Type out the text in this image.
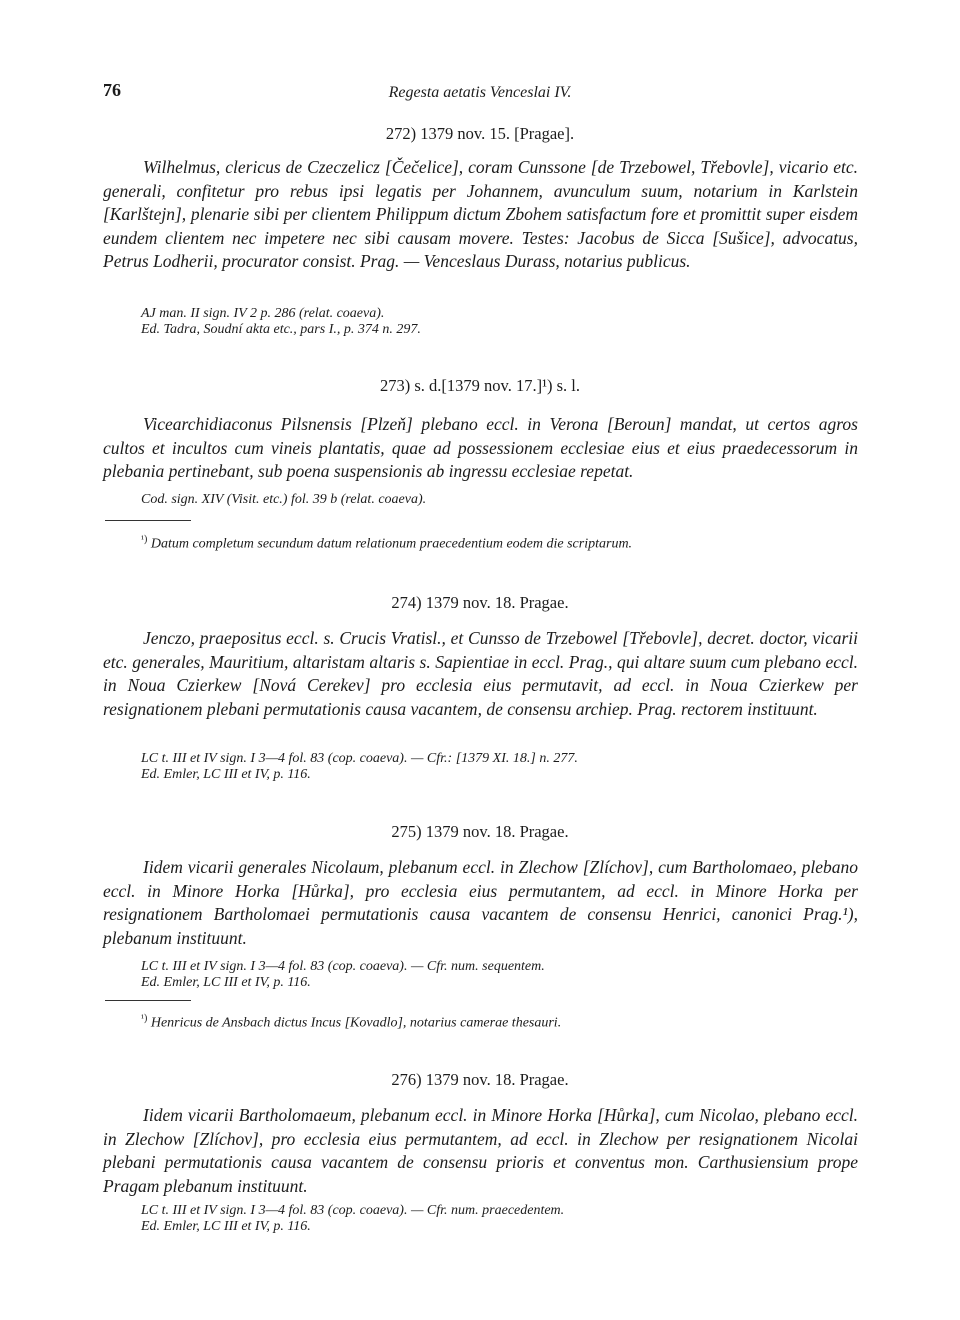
76	Regesta aetatis Venceslai IV.
272) 1379 nov. 15. [Pragae].

Wilhelmus, clericus de Czeczelicz [Čečelice], coram Cunssone [de Trzebowel, Třebovle], vicario etc. generali, confitetur pro rebus ipsi legatis per Johannem, avunculum suum, notarium in Karlstein [Karlštejn], plenarie sibi per clientem Philippum dictum Zbohem satisfactum fore et promittit super eisdem eundem clientem nec impetere nec sibi causam movere. Testes: Jacobus de Sicca [Sušice], advocatus, Petrus Lodherii, procurator consist. Prag. — Venceslaus Durass, notarius publicus.

AJ man. II sign. IV 2 p. 286 (relat. coaeva).
Ed. Tadra, Soudní akta etc., pars I., p. 374 n. 297.
273) s. d.[1379 nov. 17.]¹) s. l.

Vicearchidiaconus Pilsnensis [Plzeň] plebano eccl. in Verona [Beroun] mandat, ut certos agros cultos et incultos cum vineis plantatis, quae ad possessionem ecclesiae eius et eius praedecessorum in plebania pertinebant, sub poena suspensionis ab ingressu ecclesiae repetat.

Cod. sign. XIV (Visit. etc.) fol. 39 b (relat. coaeva).
$^{^1)}$ Datum completum secundum datum relationum praecedentium eodem die scriptarum.
274) 1379 nov. 18. Pragae.

Jenczo, praepositus eccl. s. Crucis Vratisl., et Cunsso de Trzebowel [Třebovle], decret. doctor, vicarii etc. generales, Mauritium, altaristam altaris s. Sapientiae in eccl. Prag., qui altare suum cum plebano eccl. in Noua Czierkew [Nová Cerekev] pro ecclesia eius permutavit, ad eccl. in Noua Czierkew per resignationem plebani permutationis causa vacantem, de consensu archiep. Prag. rectorem instituunt.

LC t. III et IV sign. I 3—4 fol. 83 (cop. coaeva). — Cfr.: [1379 XI. 18.] n. 277.
Ed. Emler, LC III et IV, p. 116.
275) 1379 nov. 18. Pragae.

Iidem vicarii generales Nicolaum, plebanum eccl. in Zlechow [Zlíchov], cum Bartholomaeo, plebano eccl. in Minore Horka [Hůrka], pro ecclesia eius permutantem, ad eccl. in Minore Horka per resignationem Bartholomaei permutationis causa vacantem de consensu Henrici, canonici Prag.¹), plebanum instituunt.

LC t. III et IV sign. I 3—4 fol. 83 (cop. coaeva). — Cfr. num. sequentem.
Ed. Emler, LC III et IV, p. 116.
$^{^1)}$ Henricus de Ansbach dictus Incus [Kovadlo], notarius camerae thesauri.
276) 1379 nov. 18. Pragae.

Iidem vicarii Bartholomaeum, plebanum eccl. in Minore Horka [Hůrka], cum Nicolao, plebano eccl. in Zlechow [Zlíchov], pro ecclesia eius permutantem, ad eccl. in Zlechow per resignationem Nicolai plebani permutationis causa vacantem de consensu prioris et conventus mon. Carthusiensium prope Pragam plebanum instituunt.

LC t. III et IV sign. I 3—4 fol. 83 (cop. coaeva). — Cfr. num. praecedentem.
Ed. Emler, LC III et IV, p. 116.
